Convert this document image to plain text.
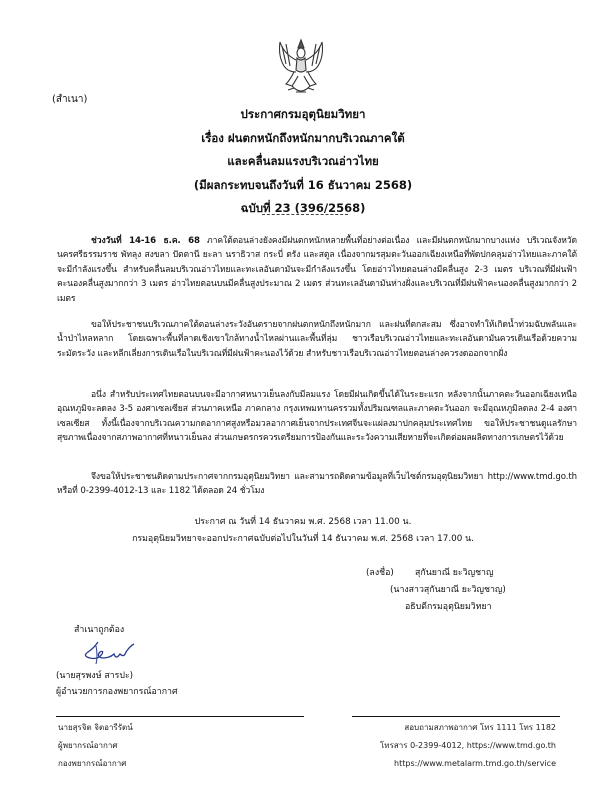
(สำเนา)
ประกาศกรมอุตุนิยมวิทยา
เรื่อง ฝนตกหนักถึงหนักมากบริเวณภาคใต้
และคลื่นลมแรงบริเวณอ่าวไทย
(มีผลกระทบจนถึงวันที่ 16 ธันวาคม 2568)
ฉบับที่ 23 (396/2568)
ช่วงวันที่ 14-16 ธ.ค. 68 ภาคใต้ตอนล่างยังคงมีฝนตกหนักหลายพื้นที่อย่างต่อเนื่อง และมีฝนตกหนักมากบางแห่ง บริเวณจังหวัดนครศรีธรรมราช พัทลุง สงขลา ปัตตานี ยะลา นราธิวาส กระบี่ ตรัง และสตูล เนื่องจากมรสุมตะวันออกเฉียงเหนือที่พัดปกคลุมอ่าวไทยและภาคใต้จะมีกำลังแรงขึ้น สำหรับคลื่นลมบริเวณอ่าวไทยและทะเลอันดามันจะมีกำลังแรงขึ้น โดยอ่าวไทยตอนล่างมีคลื่นสูง 2-3 เมตร บริเวณที่มีฝนฟ้าคะนองคลื่นสูงมากกว่า 3 เมตร อ่าวไทยตอนบนมีคลื่นสูงประมาณ 2 เมตร ส่วนทะเลอันดามันห่างฝั่งและบริเวณที่มีฝนฟ้าคะนองคลื่นสูงมากกว่า 2 เมตร
ขอให้ประชาชนบริเวณภาคใต้ตอนล่างระวังอันตรายจากฝนตกหนักถึงหนักมาก และฝนที่ตกสะสม ซึ่งอาจทำให้เกิดน้ำท่วมฉับพลันและน้ำป่าไหลหลาก โดยเฉพาะพื้นที่ลาดเชิงเขาใกล้ทางน้ำไหลผ่านและพื้นที่ลุ่ม ชาวเรือบริเวณอ่าวไทยและทะเลอันดามันควรเดินเรือด้วยความระมัดระวัง และหลีกเลี่ยงการเดินเรือในบริเวณที่มีฝนฟ้าคะนองไว้ด้วย สำหรับชาวเรือบริเวณอ่าวไทยตอนล่างควรงดออกจากฝั่ง
อนึ่ง สำหรับประเทศไทยตอนบนจะมีอากาศหนาวเย็นลงกับมีลมแรง โดยมีฝนเกิดขึ้นได้ในระยะแรก หลังจากนั้นภาคตะวันออกเฉียงเหนือ อุณหภูมิจะลดลง 3-5 องศาเซลเซียส ส่วนภาคเหนือ ภาคกลาง กรุงเทพมหานครรวมทั้งปริมณฑลและภาคตะวันออก จะมีอุณหภูมิลดลง 2-4 องศาเซลเซียส ทั้งนี้เนื่องจากบริเวณความกดอากาศสูงหรือมวลอากาศเย็นจากประเทศจีนจะแผ่ลงมาปกคลุมประเทศไทย ขอให้ประชาชนดูแลรักษาสุขภาพเนื่องจากสภาพอากาศที่หนาวเย็นลง ส่วนเกษตรกรควรเตรียมการป้องกันและระวังความเสียหายที่จะเกิดต่อผลผลิตทางการเกษตรไว้ด้วย
จึงขอให้ประชาชนติดตามประกาศจากกรมอุตุนิยมวิทยา และสามารถติดตามข้อมูลที่เว็บไซต์กรมอุตุนิยมวิทยา http://www.tmd.go.th หรือที่ 0-2399-4012-13 และ 1182 ได้ตลอด 24 ชั่วโมง
ประกาศ ณ วันที่ 14 ธันวาคม พ.ศ. 2568 เวลา 11.00 น.
กรมอุตุนิยมวิทยาจะออกประกาศฉบับต่อไปในวันที่ 14 ธันวาคม พ.ศ. 2568 เวลา 17.00 น.
(ลงชื่อ) สุกันยาณี ยะวิญชาญ
(นางสาวสุกันยาณี ยะวิญชาญ)
อธิบดีกรมอุตุนิยมวิทยา
สำเนาถูกต้อง
(นายสุรพงษ์ สารปะ)
ผู้อำนวยการกองพยากรณ์อากาศ
นายสุรจิต จิตอารีรัตน์
ผู้พยากรณ์อากาศ
กองพยากรณ์อากาศ
สอบถามสภาพอากาศ โทร 1111 โทร 1182
โทรสาร 0-2399-4012, https://www.tmd.go.th
https://www.metalarm.tmd.go.th/service
